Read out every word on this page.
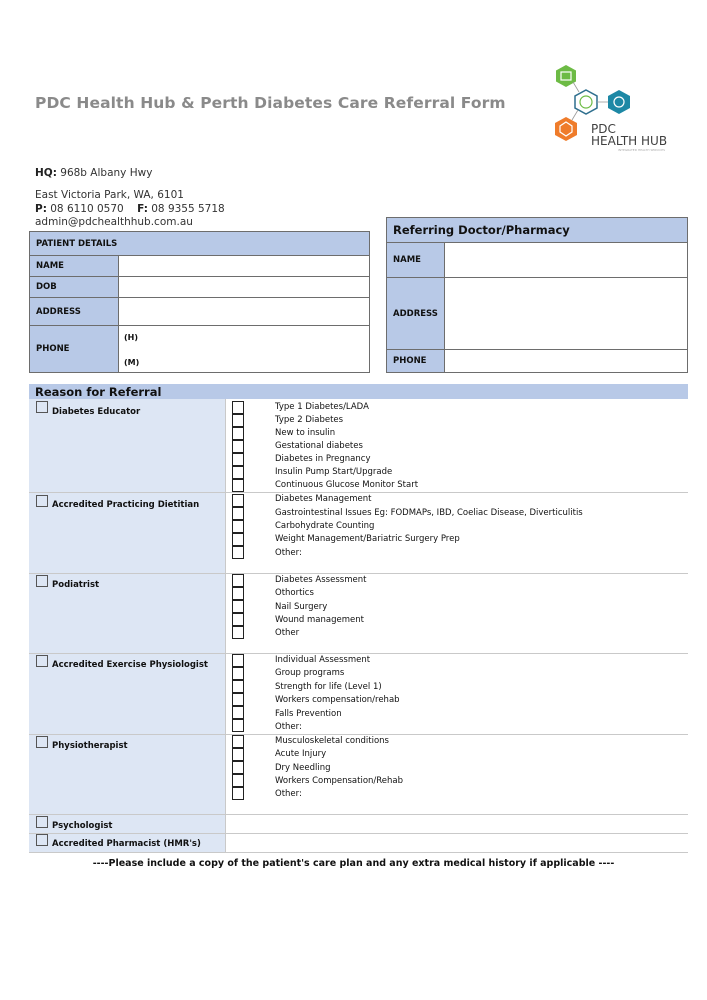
PDC Health Hub & Perth Diabetes Care Referral Form
PDC
HEALTH HUB
INTEGRATED HEALTH SERVICES
HQ: 968b Albany Hwy
East Victoria Park, WA, 6101
P: 08 6110 0570 F: 08 9355 5718
admin@pdchealthhub.com.au
PATIENT DETAILS	
NAME	
DOB	
ADDRESS	
PHONE	
(H)
(M)
Referring Doctor/Pharmacy	
NAME	
ADDRESS	
PHONE	
Reason for Referral
Diabetes Educator	Type 1 Diabetes/LADA
Type 2 Diabetes
New to insulin
Gestational diabetes
Diabetes in Pregnancy
Insulin Pump Start/Upgrade
Continuous Glucose Monitor Start
Accredited Practicing Dietitian
Diabetes Management
Gastrointestinal Issues Eg: FODMAPs, IBD, Coeliac Disease, Diverticulitis
Carbohydrate Counting
Weight Management/Bariatric Surgery Prep
Other:
Podiatrist	Diabetes Assessment
Othortics
Nail Surgery
Wound management
Other
Accredited Exercise Physiologist	Individual Assessment
Group programs
Strength for life (Level 1)
Workers compensation/rehab
Falls Prevention
Other:
Physiotherapist	Musculoskeletal conditions
Acute Injury
Dry Needling
Workers Compensation/Rehab
Other:
Psychologist
Accredited Pharmacist (HMR's)
----Please include a copy of the patient's care plan and any extra medical history if applicable ----
